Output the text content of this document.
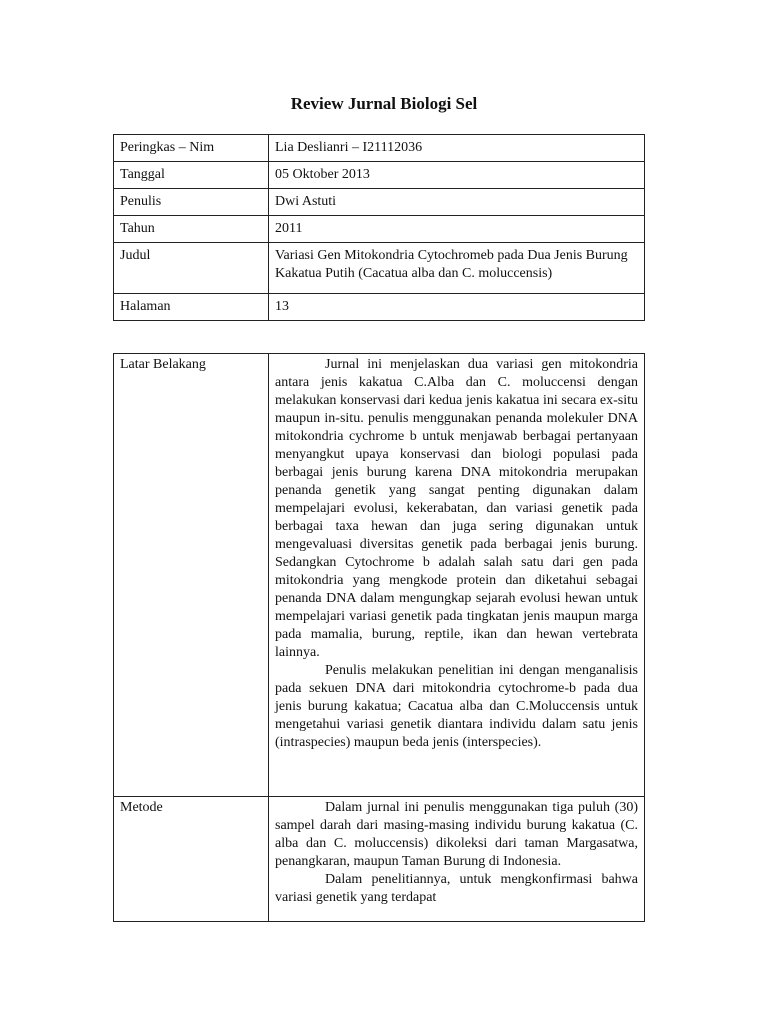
Review Jurnal Biologi Sel
Peringkas – Nim	Lia Deslianri – I21112036
Tanggal	05 Oktober 2013
Penulis	Dwi Astuti
Tahun	2011
Judul	Variasi Gen Mitokondria Cytochromeb pada Dua Jenis Burung Kakatua Putih (Cacatua alba dan C. moluccensis)
Halaman	13
Latar Belakang	Jurnal ini menjelaskan dua variasi gen mitokondria antara jenis kakatua C.Alba dan C. moluccensi dengan melakukan konservasi dari kedua jenis kakatua ini secara ex-situ maupun in-situ. penulis menggunakan penanda molekuler DNA mitokondria cychrome b untuk menjawab berbagai pertanyaan menyangkut upaya konservasi dan biologi populasi pada berbagai jenis burung karena DNA mitokondria merupakan penanda genetik yang sangat penting digunakan dalam mempelajari evolusi, kekerabatan, dan variasi genetik pada berbagai taxa hewan dan juga sering digunakan untuk mengevaluasi diversitas genetik pada berbagai jenis burung. Sedangkan Cytochrome b adalah salah satu dari gen pada mitokondria yang mengkode protein dan diketahui sebagai penanda DNA dalam mengungkap sejarah evolusi hewan untuk mempelajari variasi genetik pada tingkatan jenis maupun marga pada mamalia, burung, reptile, ikan dan hewan vertebrata lainnya.

Penulis melakukan penelitian ini dengan menganalisis pada sekuen DNA dari mitokondria cytochrome-b pada dua jenis burung kakatua; Cacatua alba dan C.Moluccensis untuk mengetahui variasi genetik diantara individu dalam satu jenis (intraspecies) maupun beda jenis (interspecies).

Metode	Dalam jurnal ini penulis menggunakan tiga puluh (30) sampel darah dari masing-masing individu burung kakatua (C. alba dan C. moluccensis) dikoleksi dari taman Margasatwa, penangkaran, maupun Taman Burung di Indonesia.

Dalam penelitiannya, untuk mengkonfirmasi bahwa variasi genetik yang terdapat
